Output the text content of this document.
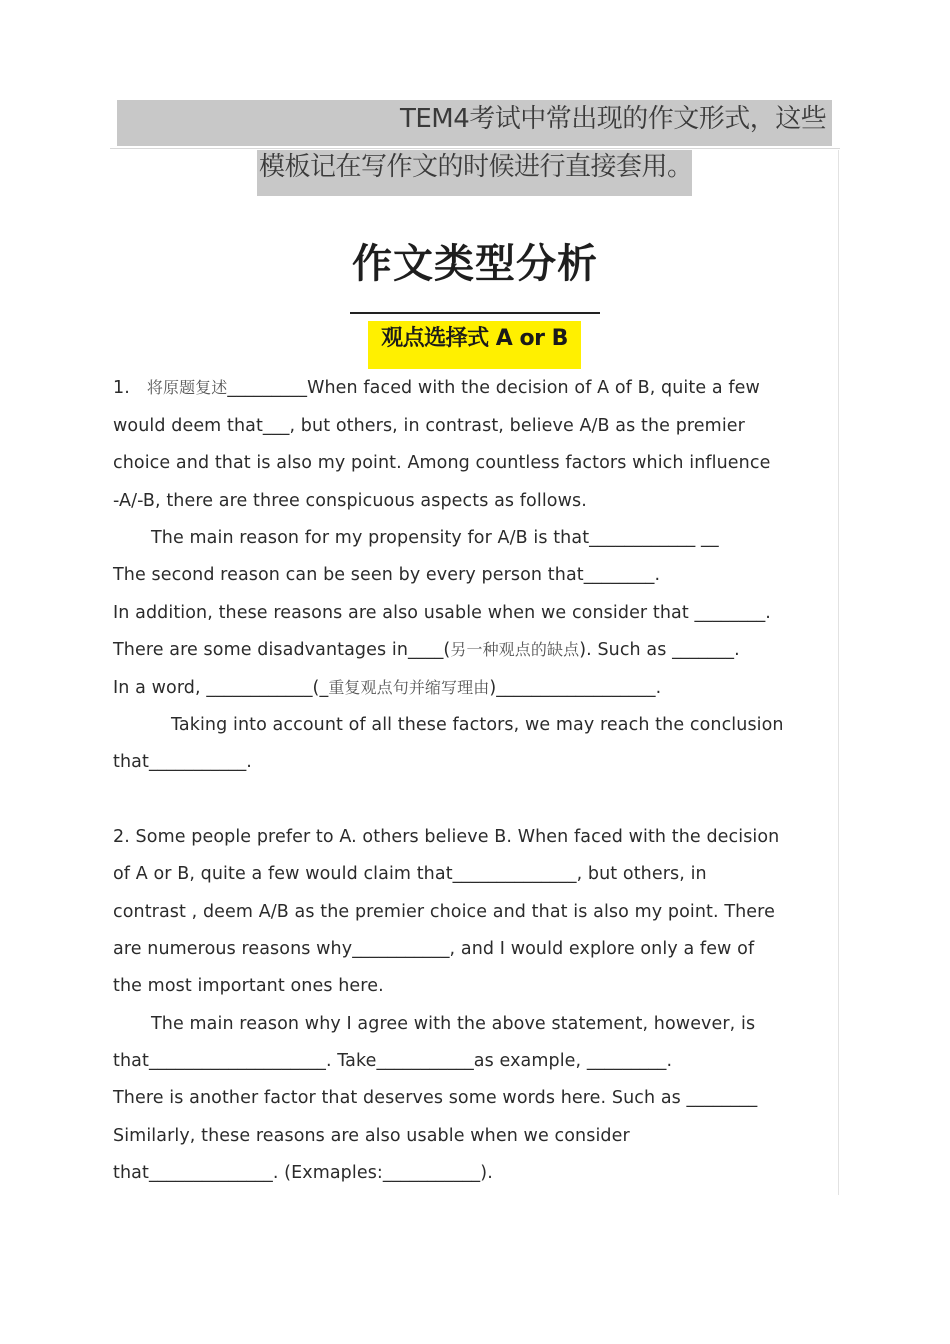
TEM4考试中常出现的作文形式，这些
模板记在写作文的时候进行直接套用。
作文类型分析
观点选择式 A or B
1. 将原题复述_________When faced with the decision of A of B, quite a few
would deem that___, but others, in contrast, believe A/B as the premier
choice and that is also my point. Among countless factors which influence
-A/-B, there are three conspicuous aspects as follows.
The main reason for my propensity for A/B is that____________ __
The second reason can be seen by every person that________.
In addition, these reasons are also usable when we consider that ________.
There are some disadvantages in____(另一种观点的缺点). Such as _______.
In a word, ____________(_重复观点句并缩写理由)__________________.
Taking into account of all these factors, we may reach the conclusion
that___________.
2. Some people prefer to A. others believe B. When faced with the decision
of A or B, quite a few would claim that______________, but others, in
contrast , deem A/B as the premier choice and that is also my point. There
are numerous reasons why___________, and I would explore only a few of
the most important ones here.
The main reason why I agree with the above statement, however, is
that____________________. Take___________as example, _________.
There is another factor that deserves some words here. Such as ________
Similarly, these reasons are also usable when we consider
that______________. (Exmaples:___________).
